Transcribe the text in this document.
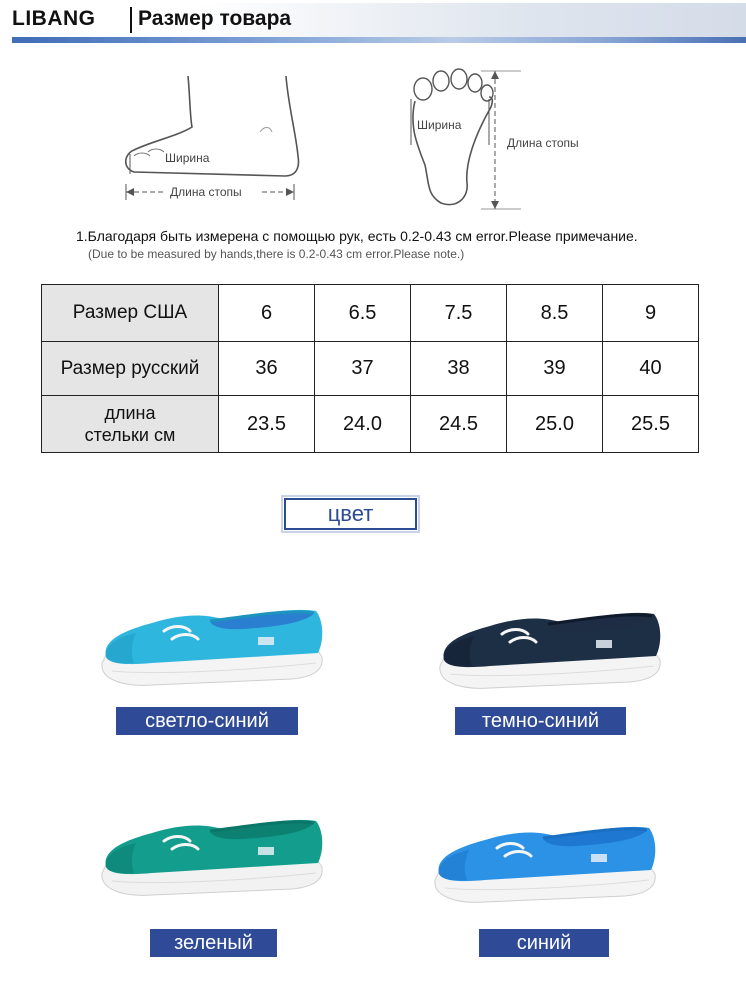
LIBANG Размер товара
Ширина
Длина стопы
Ширина
Длина стопы
1.Благодаря быть измерена с помощью рук, есть 0.2-0.43 см error.Please примечание.
(Due to be measured by hands,there is 0.2-0.43 cm error.Please note.)
Размер США	6	6.5	7.5	8.5	9
Размер русский	36	37	38	39	40

длина
стельки см	23.5	24.0	24.5	25.0	25.5
цвет
светло-синий	темно-синий
зеленый	синий
